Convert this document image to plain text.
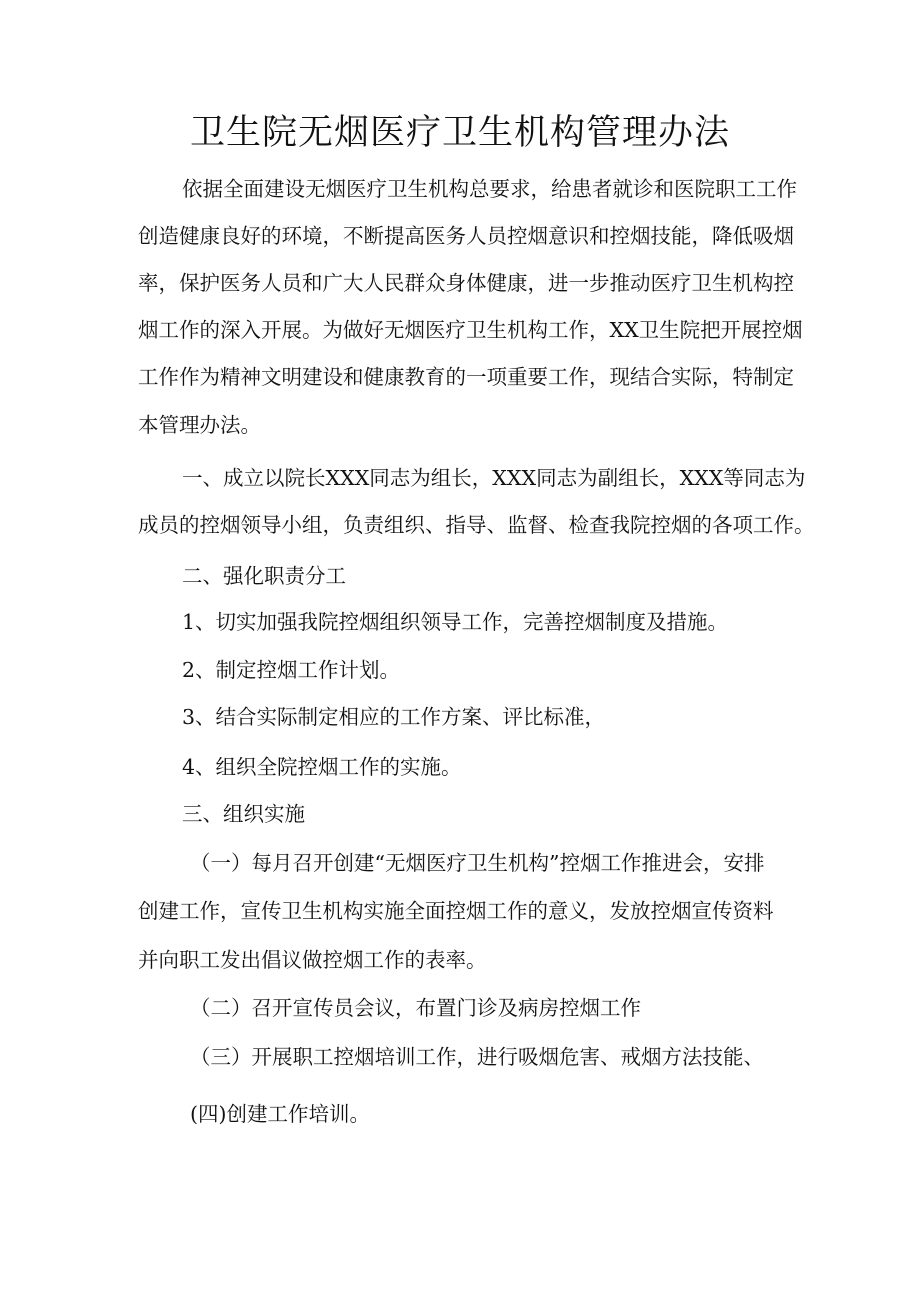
卫生院无烟医疗卫生机构管理办法
依据全面建设无烟医疗卫生机构总要求，给患者就诊和医院职工工作
创造健康良好的环境，不断提高医务人员控烟意识和控烟技能，降低吸烟
率，保护医务人员和广大人民群众身体健康，进一步推动医疗卫生机构控
烟工作的深入开展。为做好无烟医疗卫生机构工作，XX卫生院把开展控烟
工作作为精神文明建设和健康教育的一项重要工作，现结合实际，特制定
本管理办法。
一、成立以院长XXX同志为组长，XXX同志为副组长，XXX等同志为
成员的控烟领导小组，负责组织、指导、监督、检查我院控烟的各项工作。
二、强化职责分工
1、切实加强我院控烟组织领导工作，完善控烟制度及措施。
2、制定控烟工作计划。
3、结合实际制定相应的工作方案、评比标准，
4、组织全院控烟工作的实施。
三、组织实施
（一）每月召开创建“无烟医疗卫生机构”控烟工作推进会，安排
创建工作，宣传卫生机构实施全面控烟工作的意义，发放控烟宣传资料
并向职工发出倡议做控烟工作的表率。
（二）召开宣传员会议，布置门诊及病房控烟工作
（三）开展职工控烟培训工作，进行吸烟危害、戒烟方法技能、
(四)创建工作培训。
